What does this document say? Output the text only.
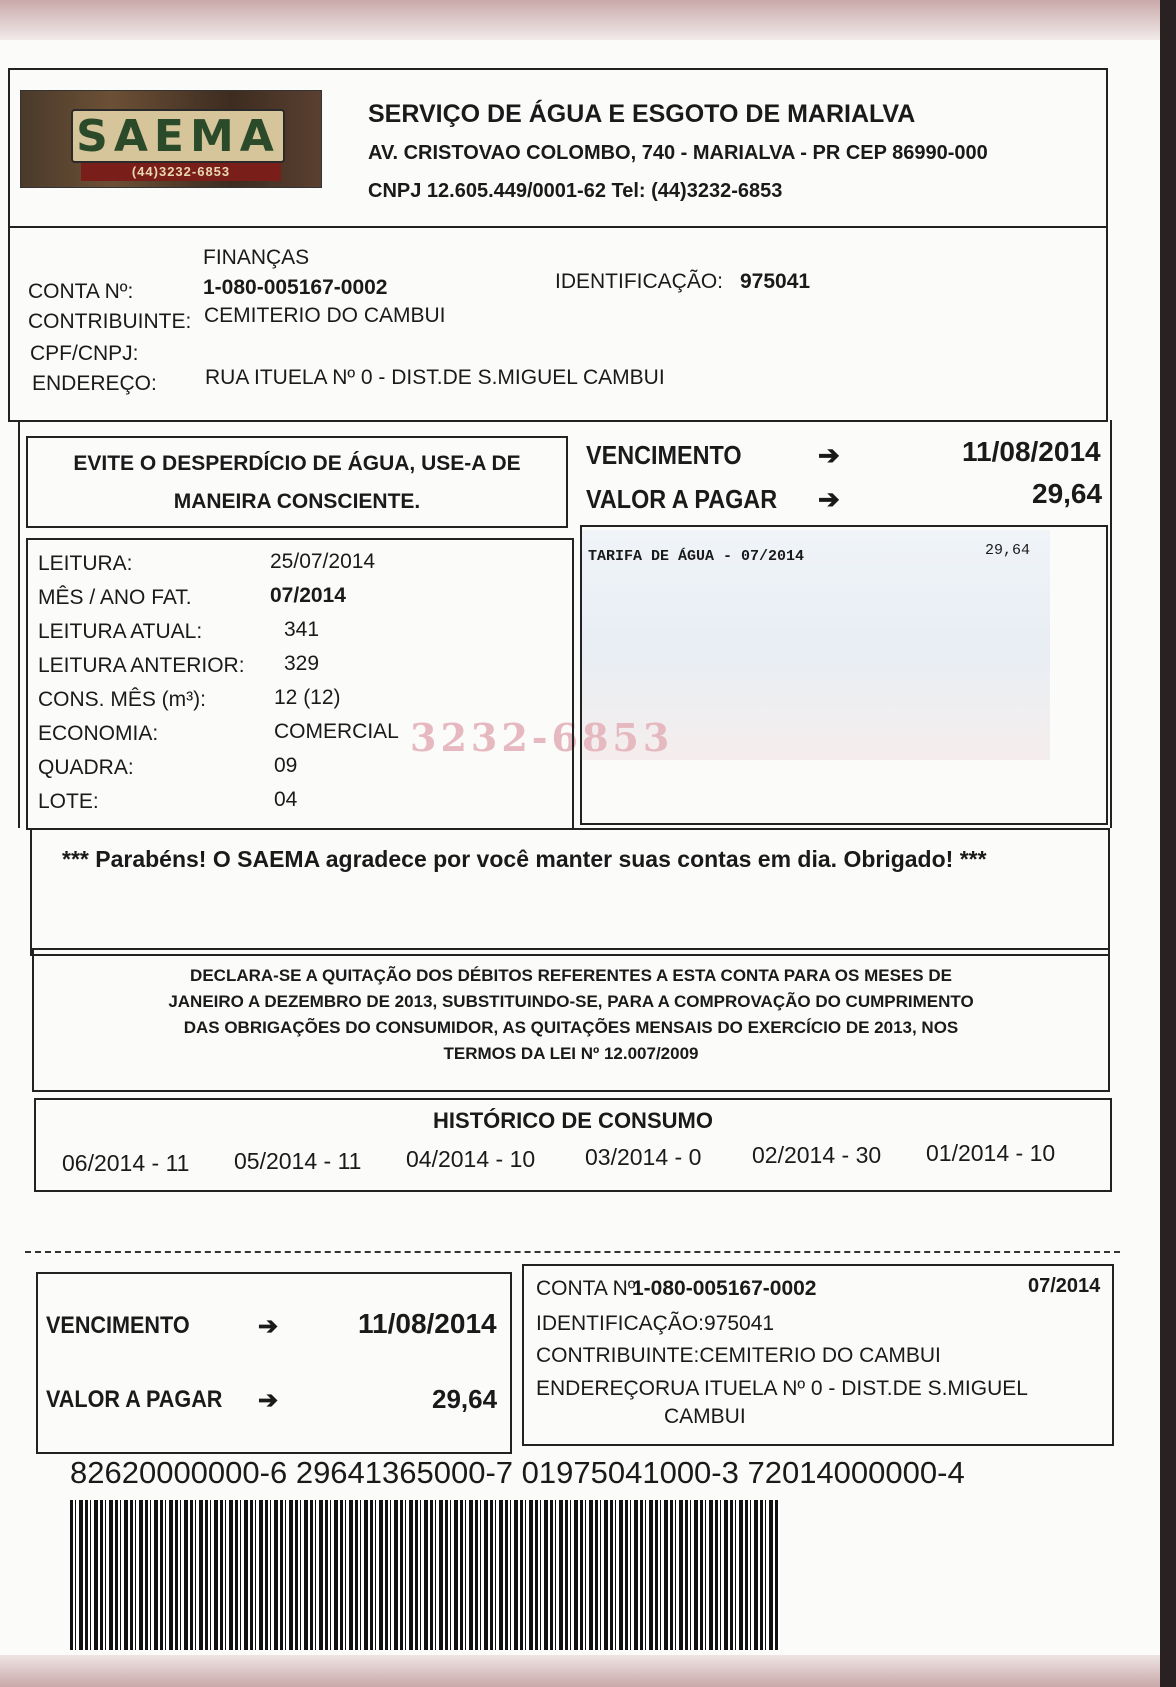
SAEMA
(44)3232-6853
SERVIÇO DE ÁGUA E ESGOTO DE MARIALVA
AV. CRISTOVAO COLOMBO, 740 - MARIALVA - PR CEP 86990-000
CNPJ 12.605.449/0001-62 Tel: (44)3232-6853
FINANÇAS
CONTA Nº:	1-080-005167-0002	IDENTIFICAÇÃO: 975041
CONTRIBUINTE: CEMITERIO DO CAMBUI
CPF/CNPJ:
ENDEREÇO: RUA ITUELA Nº 0 - DIST.DE S.MIGUEL CAMBUI
EVITE O DESPERDÍCIO DE ÁGUA, USE-A DE
MANEIRA CONSCIENTE.
VENCIMENTO	➔	11/08/2014
VALOR A PAGAR ➔	29,64
3232-6853
LEITURA:	25/07/2014
MÊS / ANO FAT.	07/2014
LEITURA ATUAL:	341
LEITURA ANTERIOR: 329
CONS. MÊS (m³):	12 (12)
ECONOMIA:	COMERCIAL
QUADRA:	09
LOTE:	04
TARIFA DE ÁGUA - 07/2014	29,64
*** Parabéns! O SAEMA agradece por você manter suas contas em dia. Obrigado! ***
DECLARA-SE A QUITAÇÃO DOS DÉBITOS REFERENTES A ESTA CONTA PARA OS MESES DE
JANEIRO A DEZEMBRO DE 2013, SUBSTITUINDO-SE, PARA A COMPROVAÇÃO DO CUMPRIMENTO
DAS OBRIGAÇÕES DO CONSUMIDOR, AS QUITAÇÕES MENSAIS DO EXERCÍCIO DE 2013, NOS
TERMOS DA LEI Nº 12.007/2009
HISTÓRICO DE CONSUMO
06/2014 - 11 05/2014 - 11 04/2014 - 10 03/2014 - 0 02/2014 - 30 01/2014 - 10
VENCIMENTO	➔	11/08/2014
VALOR A PAGAR ➔	29,64
CONTA Nº:
1-080-005167-0002	07/2014
IDENTIFICAÇÃO:975041
CONTRIBUINTE:CEMITERIO DO CAMBUI
ENDEREÇORUA ITUELA Nº 0 - DIST.DE S.MIGUEL
CAMBUI
82620000000-6 29641365000-7 01975041000-3 72014000000-4
